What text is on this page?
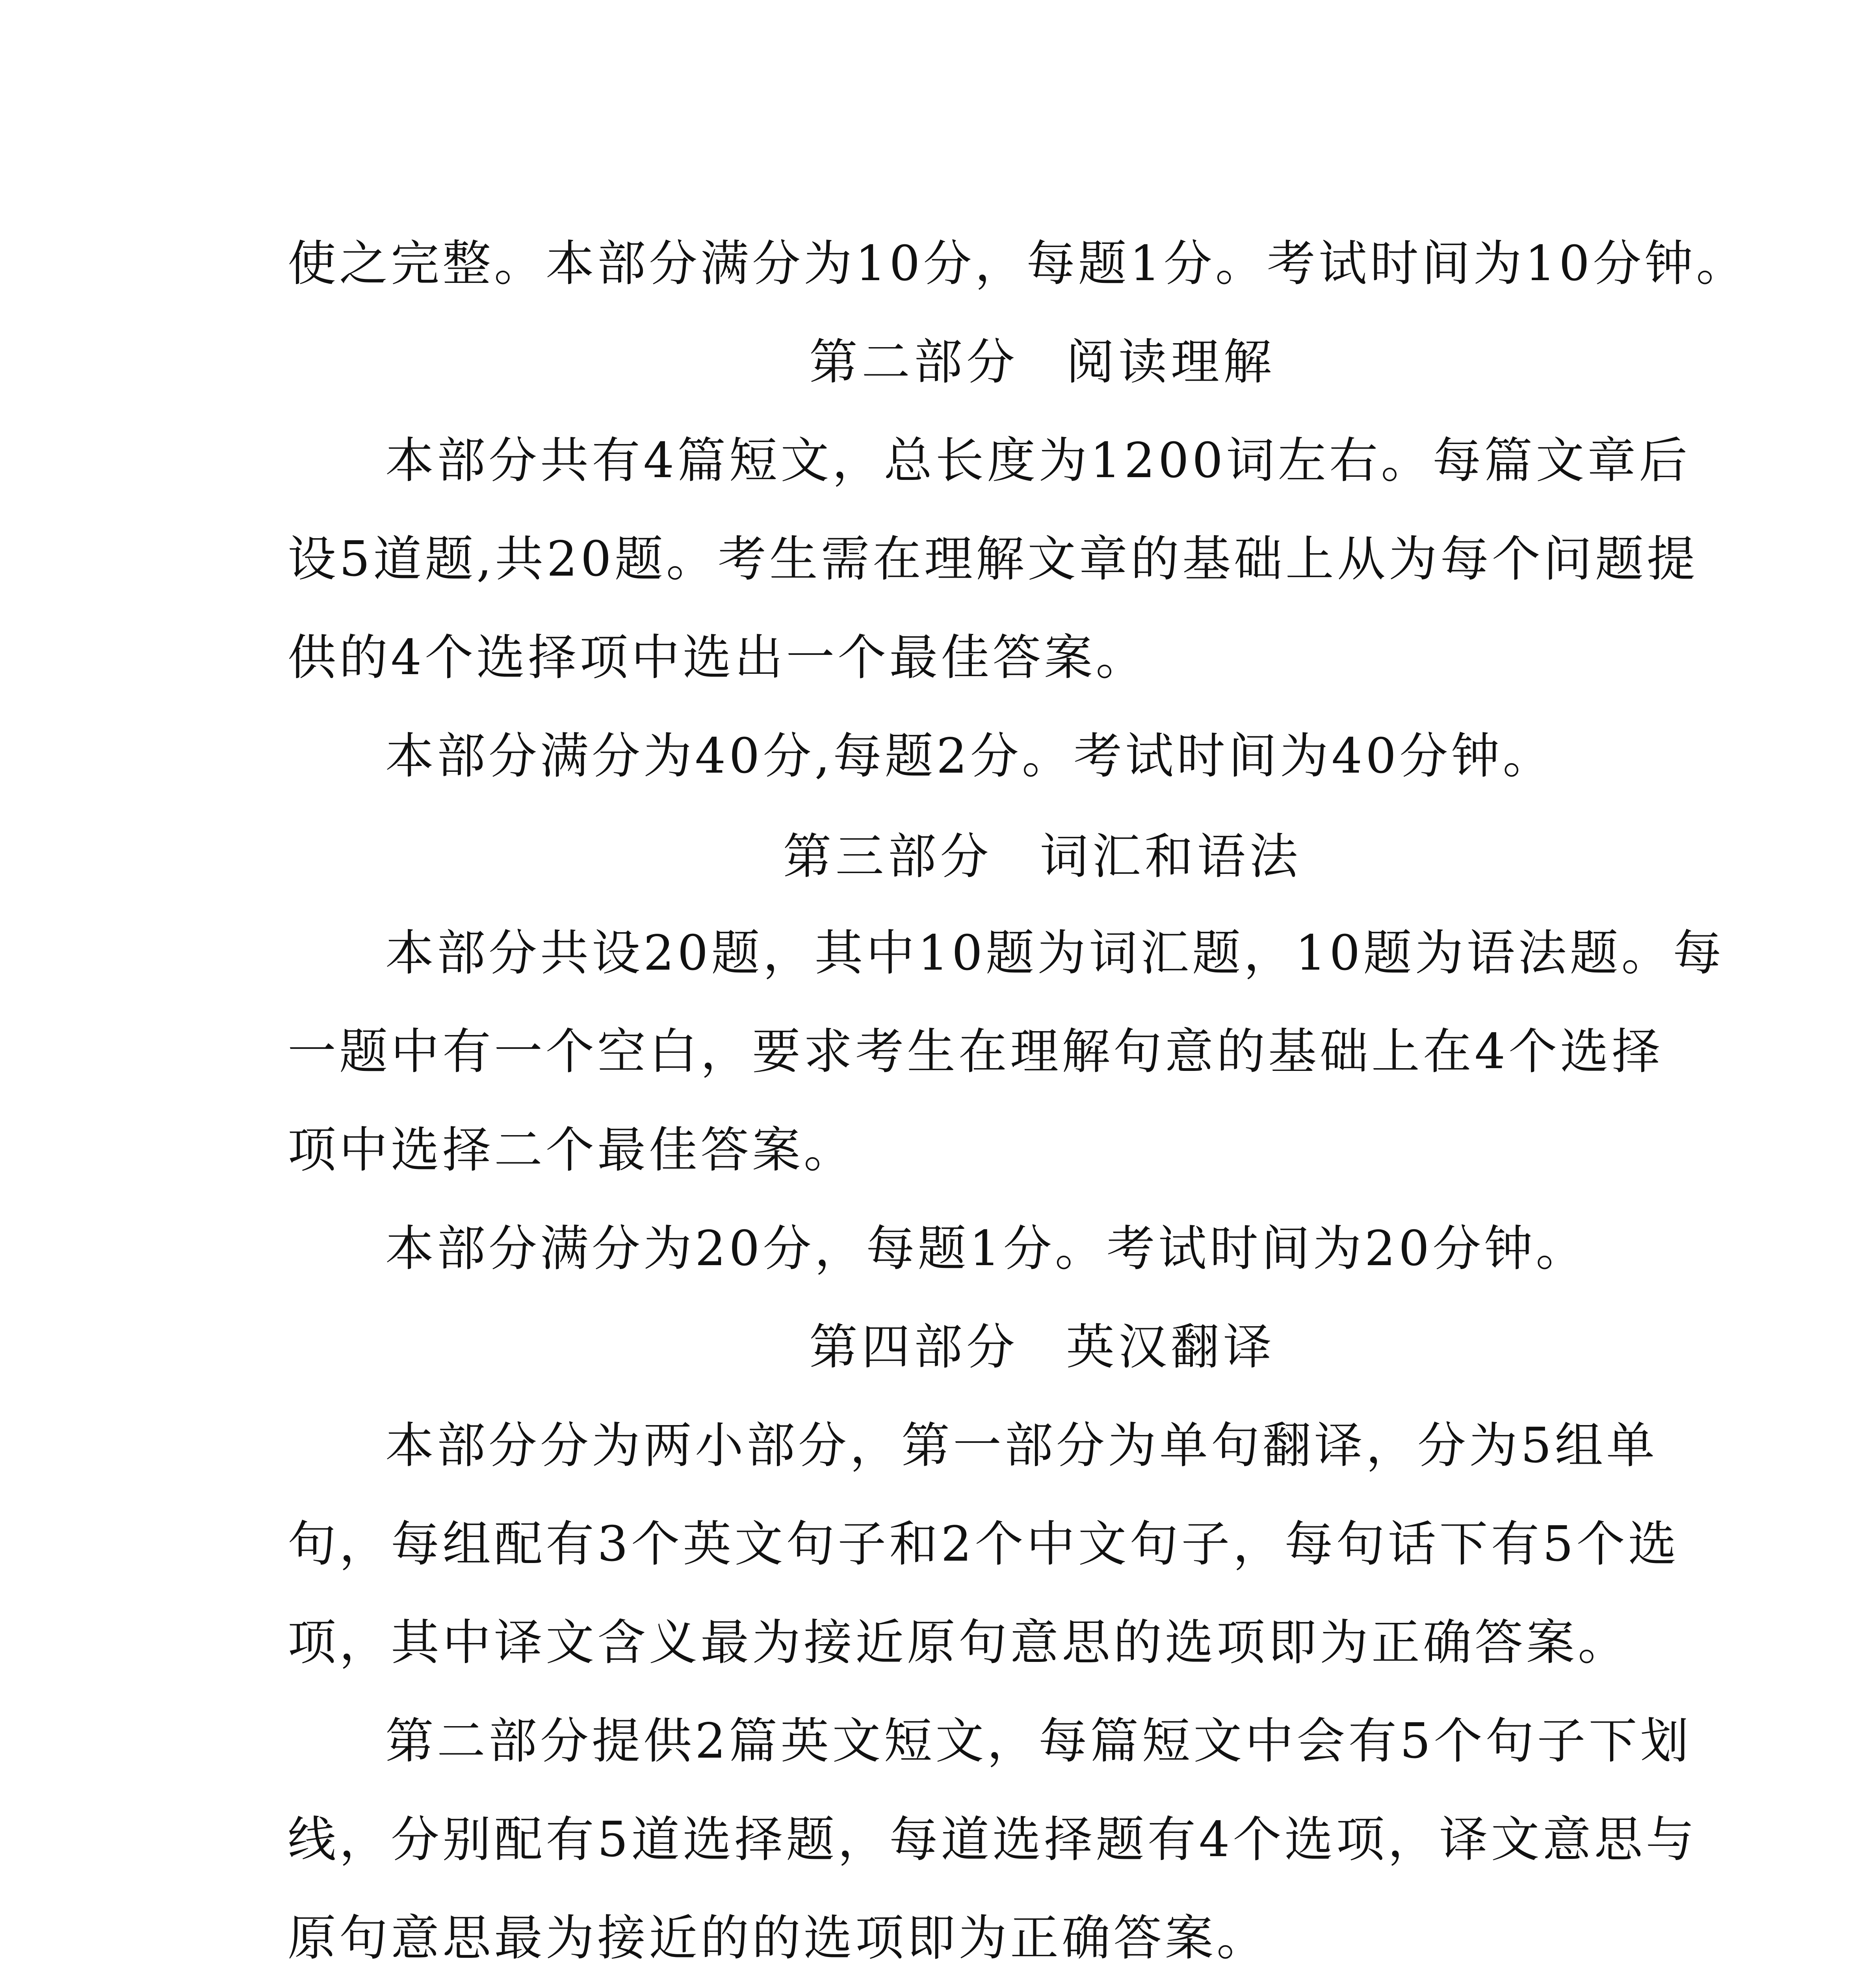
使之完整。本部分满分为10分，每题1分。考试时间为10分钟。
第二部分 阅读理解
本部分共有4篇短文，总长度为1200词左右。每篇文章后
设5道题,共20题。考生需在理解文章的基础上从为每个问题提
供的4个选择项中选出一个最佳答案。
本部分满分为40分,每题2分。考试时间为40分钟。
第三部分 词汇和语法
本部分共设20题，其中10题为词汇题，10题为语法题。每
一题中有一个空白，要求考生在理解句意的基础上在4个选择
项中选择二个最佳答案。
本部分满分为20分，每题1分。考试时间为20分钟。
第四部分 英汉翻译
本部分分为两小部分，第一部分为单句翻译，分为5组单
句，每组配有3个英文句子和2个中文句子，每句话下有5个选
项，其中译文含义最为接近原句意思的选项即为正确答案。
第二部分提供2篇英文短文，每篇短文中会有5个句子下划
线，分别配有5道选择题，每道选择题有4个选项，译文意思与
原句意思最为接近的的选项即为正确答案。
